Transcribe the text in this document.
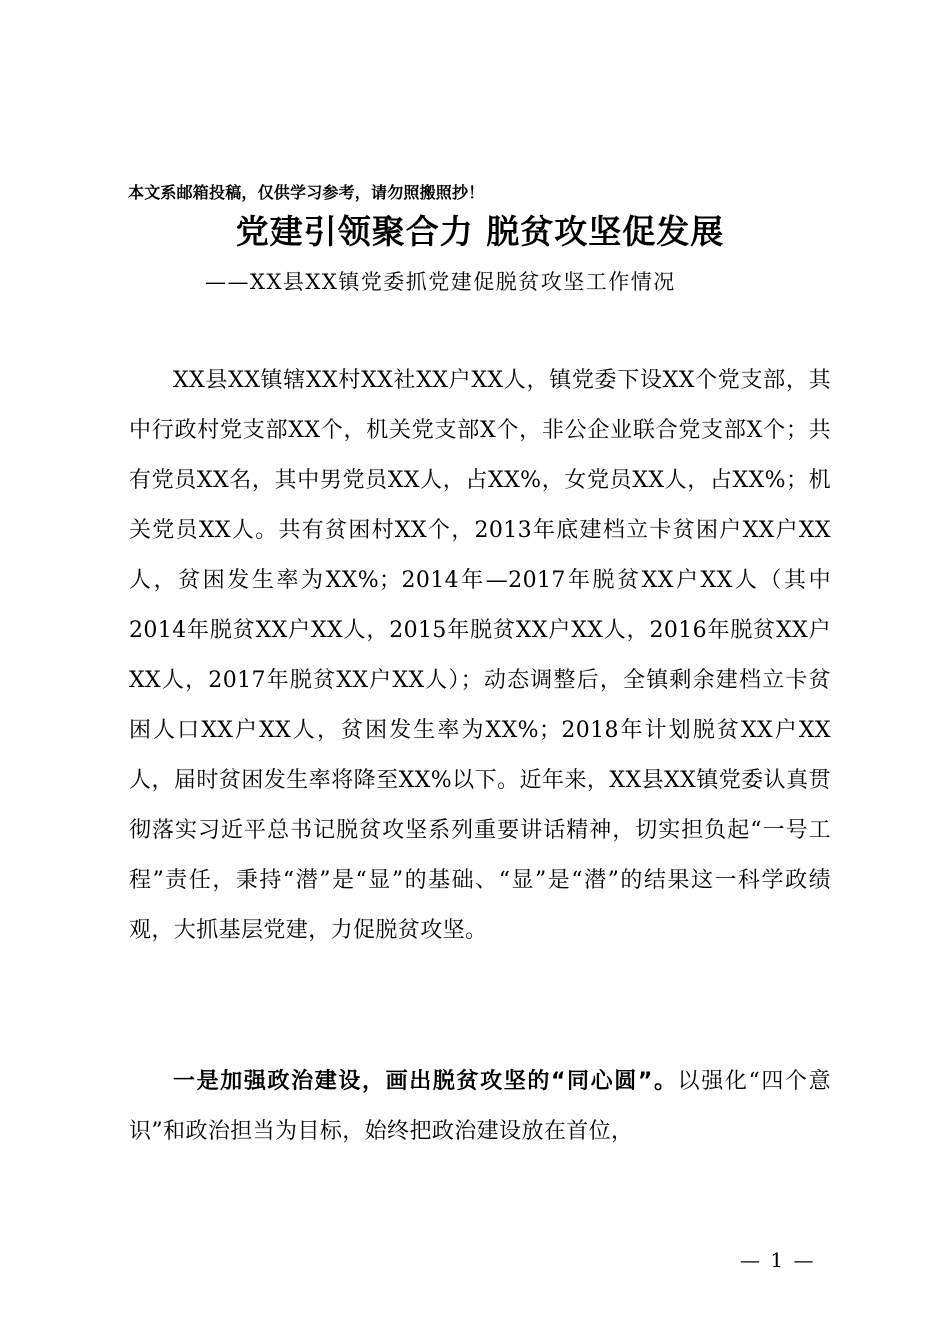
本文系邮箱投稿，仅供学习参考，请勿照搬照抄！
党建引领聚合力 脱贫攻坚促发展
——XX县XX镇党委抓党建促脱贫攻坚工作情况

XX县XX镇辖XX村XX社XX户XX人，镇党委下设XX个党支部，其中行政村党支部XX个，机关党支部X个，非公企业联合党支部X个；共有党员XX名，其中男党员XX人，占XX%，女党员XX人，占XX%；机关党员XX人。共有贫困村XX个，2013年底建档立卡贫困户XX户XX人，贫困发生率为XX%；2014年—2017年脱贫XX户XX人（其中2014年脱贫XX户XX人，2015年脱贫XX户XX人，2016年脱贫XX户XX人，2017年脱贫XX户XX人）；动态调整后，全镇剩余建档立卡贫困人口XX户XX人，贫困发生率为XX%；2018年计划脱贫XX户XX人，届时贫困发生率将降至XX%以下。近年来，XX县XX镇党委认真贯彻落实习近平总书记脱贫攻坚系列重要讲话精神，切实担负起“一号工程”责任，秉持“潜”是“显”的基础、“显”是“潜”的结果这一科学政绩观，大抓基层党建，力促脱贫攻坚。

一是加强政治建设，画出脱贫攻坚的“同心圆”。以强化“四个意识”和政治担当为目标，始终把政治建设放在首位，

— 1 —
